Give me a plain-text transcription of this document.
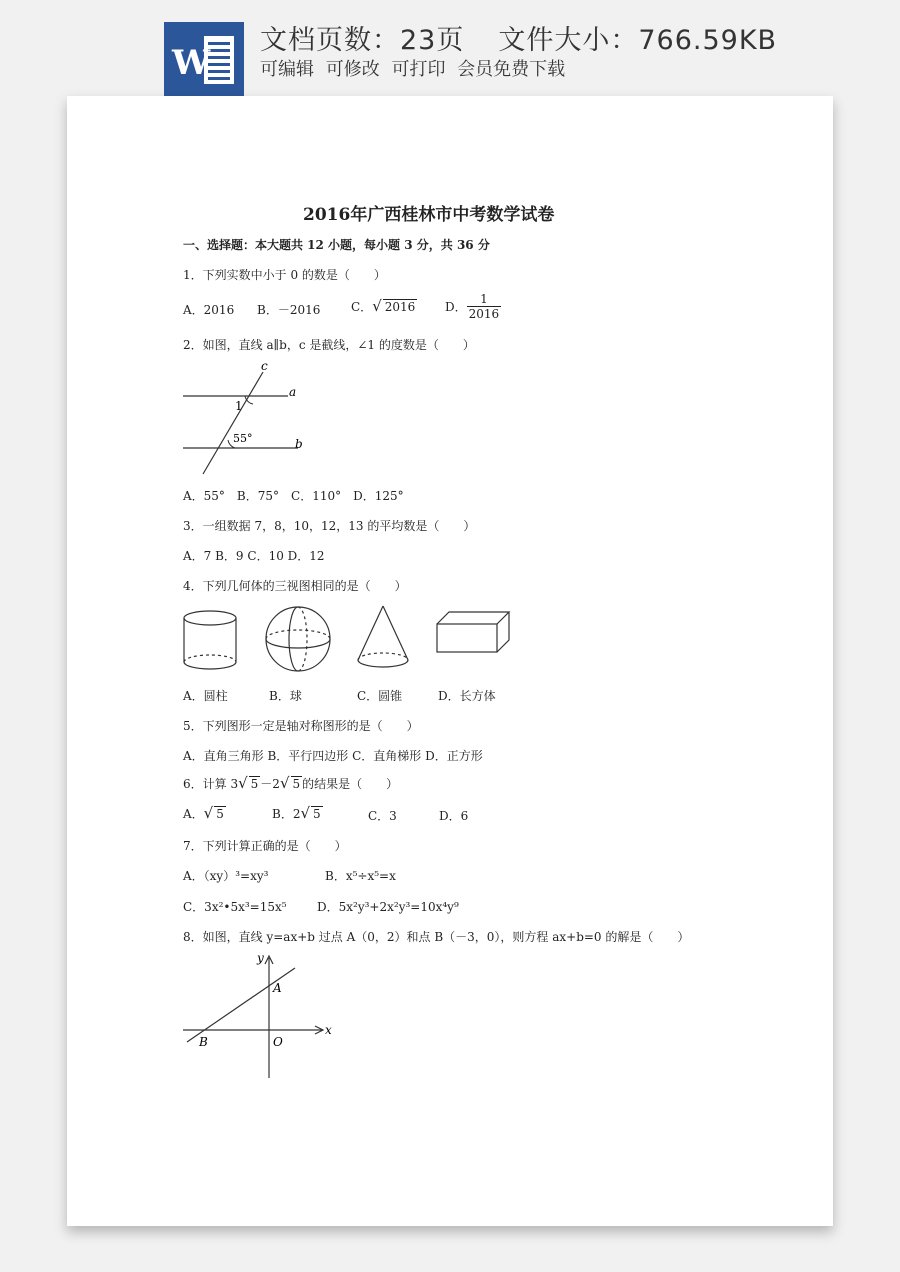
W
文档页数：23页 文件大小：766.59KB
可编辑 可修改 可打印 会员免费下载
2016年广西桂林市中考数学试卷
一、选择题：本大题共 12 小题，每小题 3 分，共 36 分
1．下列实数中小于 0 的数是（　　）
A．2016 B．－2016	C．√ 2016 D． $\frac{1}{2016}$
2．如图，直线 a∥b，c 是截线，∠1 的度数是（　　）
c
a
b
1
55°
A．55°　B．75°　C．110°　D．125°
3．一组数据 7，8，10，12，13 的平均数是（　　）
A．7 B．9 C．10 D．12
4．下列几何体的三视图相同的是（　　）
A．圆柱	B．球	C．圆锥	D．长方体
5．下列图形一定是轴对称图形的是（　　）
A．直角三角形 B．平行四边形 C．直角梯形 D．正方形
6．计算 3√ 5 －2√ 5 的结果是（　　）
A．√ 5	B．2√ 5	C．3	D．6
7．下列计算正确的是（　　）
A．（xy）³=xy³	B．x⁵÷x⁵=x
C．3x²•5x³=15x⁵	D．5x²y³+2x²y³=10x⁴y⁹
8．如图，直线 y=ax+b 过点 A（0，2）和点 B（－3，0），则方程 ax+b=0 的解是（　　）
y
x
A
B	O
